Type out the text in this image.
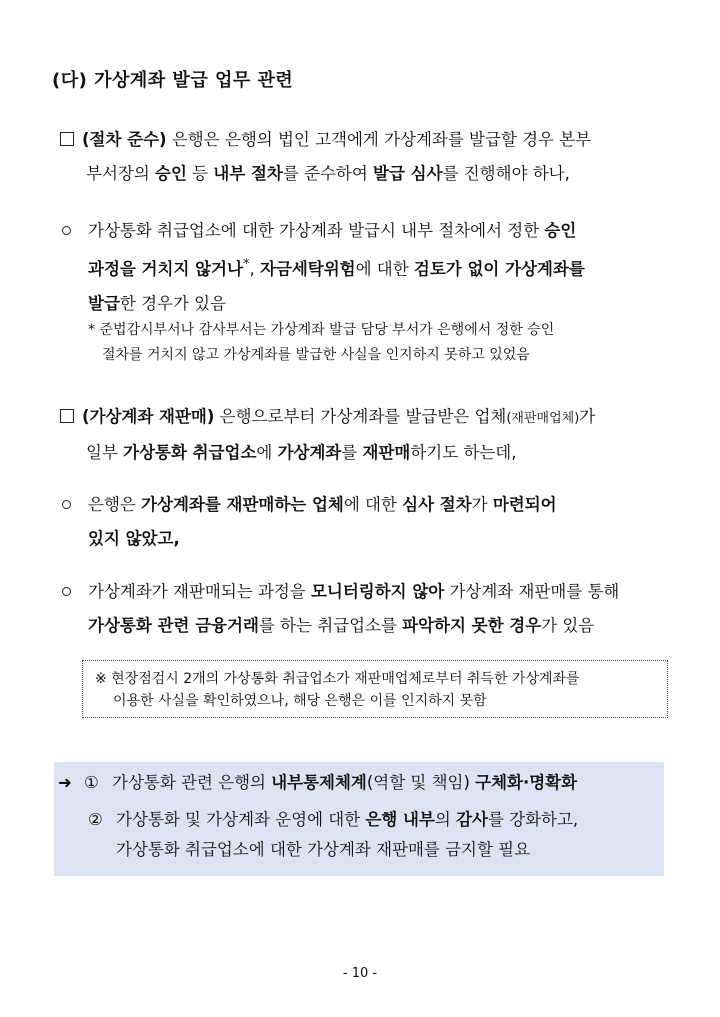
(다) 가상계좌 발급 업무 관련
(절차 준수) 은행은 은행의 법인 고객에게 가상계좌를 발급할 경우 본부
부서장의 승인 등 내부 절차를 준수하여 발급 심사를 진행해야 하나,
가상통화 취급업소에 대한 가상계좌 발급시 내부 절차에서 정한 승인
과정을 거치지 않거나*, 자금세탁위험에 대한 검토가 없이 가상계좌를
발급한 경우가 있음
* 준법감시부서나 감사부서는 가상계좌 발급 담당 부서가 은행에서 정한 승인
절차를 거치지 않고 가상계좌를 발급한 사실을 인지하지 못하고 있었음
(가상계좌 재판매) 은행으로부터 가상계좌를 발급받은 업체(재판매업체)가
일부 가상통화 취급업소에 가상계좌를 재판매하기도 하는데,
은행은 가상계좌를 재판매하는 업체에 대한 심사 절차가 마련되어
있지 않았고,
가상계좌가 재판매되는 과정을 모니터링하지 않아 가상계좌 재판매를 통해
가상통화 관련 금융거래를 하는 취급업소를 파악하지 못한 경우가 있음
※ 현장점검시 2개의 가상통화 취급업소가 재판매업체로부터 취득한 가상계좌를
이용한 사실을 확인하였으나, 해당 은행은 이를 인지하지 못함
➜ ① 가상통화 관련 은행의 내부통제체계(역할 및 책임) 구체화·명확화
② 가상통화 및 가상계좌 운영에 대한 은행 내부의 감사를 강화하고,
가상통화 취급업소에 대한 가상계좌 재판매를 금지할 필요
- 10 -
